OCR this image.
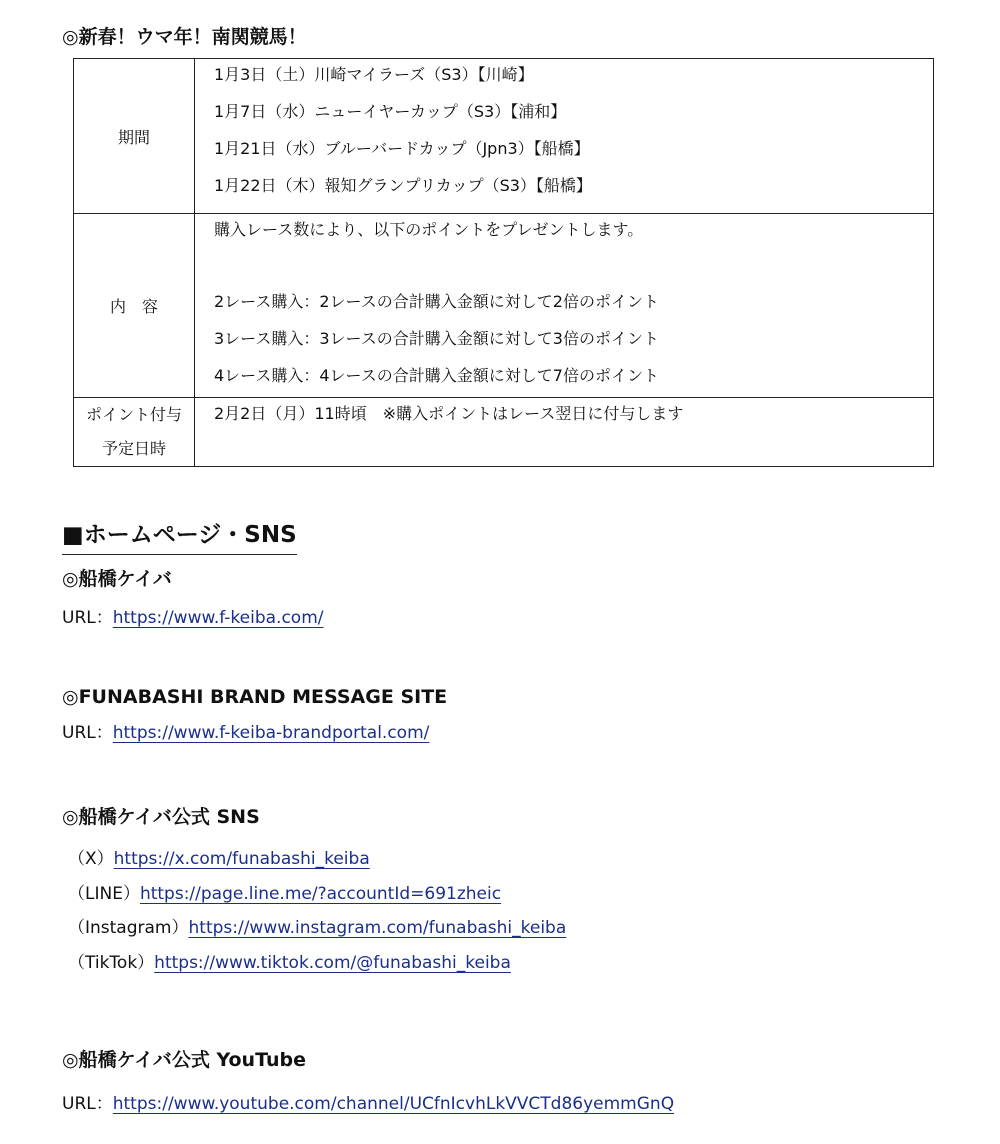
◎新春！ウマ年！南関競馬！
期間	1月3日（土）川崎マイラーズ（S3）【川崎】
1月7日（水）ニューイヤーカップ（S3）【浦和】
1月21日（水）ブルーバードカップ（Jpn3）【船橋】
1月22日（木）報知グランプリカップ（S3）【船橋】

内　容	購入レース数により、以下のポイントをプレゼントします。
2レース購入：2レースの合計購入金額に対して2倍のポイント
3レース購入：3レースの合計購入金額に対して3倍のポイント
4レース購入：4レースの合計購入金額に対して7倍のポイント

ポイント付与
予定日時	2月2日（月）11時頃　※購入ポイントはレース翌日に付与します
■ホームページ・SNS
◎船橋ケイバ
URL：https://www.f-keiba.com/
◎FUNABASHI BRAND MESSAGE SITE
URL：https://www.f-keiba-brandportal.com/
◎船橋ケイバ公式 SNS
（X）https://x.com/funabashi_keiba
（LINE）https://page.line.me/?accountId=691zheic
（Instagram）https://www.instagram.com/funabashi_keiba
（TikTok）https://www.tiktok.com/@funabashi_keiba
◎船橋ケイバ公式 YouTube
URL：https://www.youtube.com/channel/UCfnIcvhLkVVCTd86yemmGnQ
